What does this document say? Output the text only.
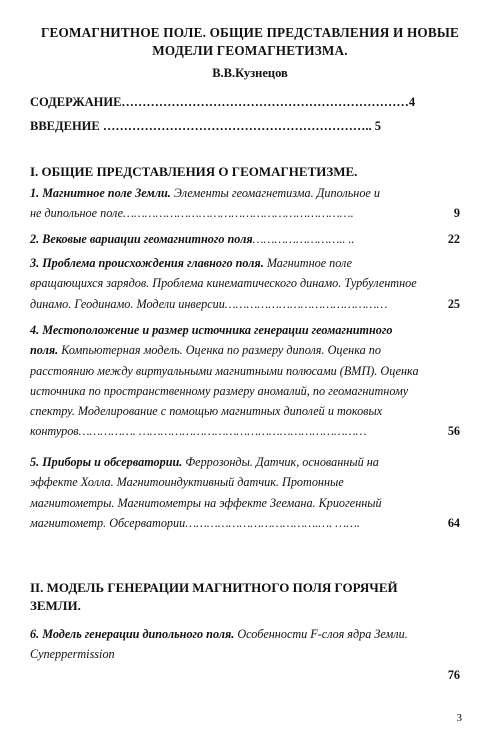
ГЕОМАГНИТНОЕ ПОЛЕ. ОБЩИЕ ПРЕДСТАВЛЕНИЯ И НОВЫЕ
МОДЕЛИ ГЕОМАГНЕТИЗМА.
В.В.Кузнецов
СОДЕРЖАНИЕ……………………………………………………………4
ВВЕДЕНИЕ ……………………………………………………….. 5
I. ОБЩИЕ ПРЕДСТАВЛЕНИЯ О ГЕОМАГНЕТИЗМЕ.
1. Магнитное поле Земли. Элементы геомагнетизма. Дипольное и
не дипольное поле……………………………………………………….	9
2. Вековые вариации геомагнитного поля…………………….. ..	22
3. Проблема происхождения главного поля. Магнитное поле
вращающихся зарядов. Проблема кинематического динамо. Турбулентное
динамо. Геодинамо. Модели инверсии………………………………………	25
4. Местоположение и размер источника генерации геомагнитного
поля. Компьютерная модель. Оценка по размеру диполя. Оценка по
расстоянию между виртуальными магнитными полюсами (ВМП). Оценка
источника по пространственному размеру аномалий, по геомагнитному
спектру. Моделирование с помощью магнитных диполей и токовых
контуров……………. ………………………………………………………	56
5. Приборы и обсерватории. Феррозонды. Датчик, основанный на
эффекте Холла. Магнитоиндуктивный датчик. Протонные
магнитометры. Магнитометры на эффекте Зеемана. Криогенный
магнитометр. Обсерватории……………………………….…. …….	64
II. МОДЕЛЬ ГЕНЕРАЦИИ МАГНИТНОГО ПОЛЯ ГОРЯЧЕЙ
ЗЕМЛИ.
6. Модель генерации дипольного поля. Особенности F-слоя ядра Земли.
Суперpermission
76
3
